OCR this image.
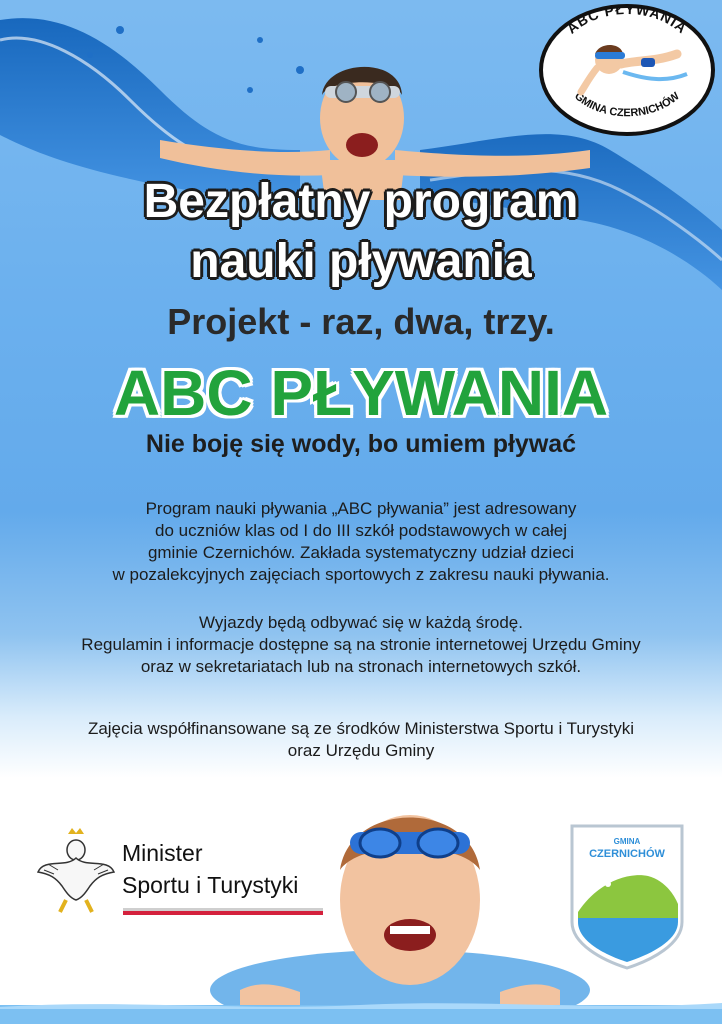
ABC PŁYWANIA
GMINA CZERNICHÓW
Bezpłatny program
nauki pływania
Projekt - raz, dwa, trzy.
ABC PŁYWANIA
Nie boję się wody, bo umiem pływać
Program nauki pływania „ABC pływania” jest adresowany
do uczniów klas od I do III szkół podstawowych w całej
gminie Czernichów. Zakłada systematyczny udział dzieci
w pozalekcyjnych zajęciach sportowych z zakresu nauki pływania.
Wyjazdy będą odbywać się w każdą środę.
Regulamin i informacje dostępne są na stronie internetowej Urzędu Gminy
oraz w sekretariatach lub na stronach internetowych szkół.
Zajęcia współfinansowane są ze środków Ministerstwa Sportu i Turystyki
oraz Urzędu Gminy
Minister
Sportu i Turystyki
GMINA
CZERNICHÓW
